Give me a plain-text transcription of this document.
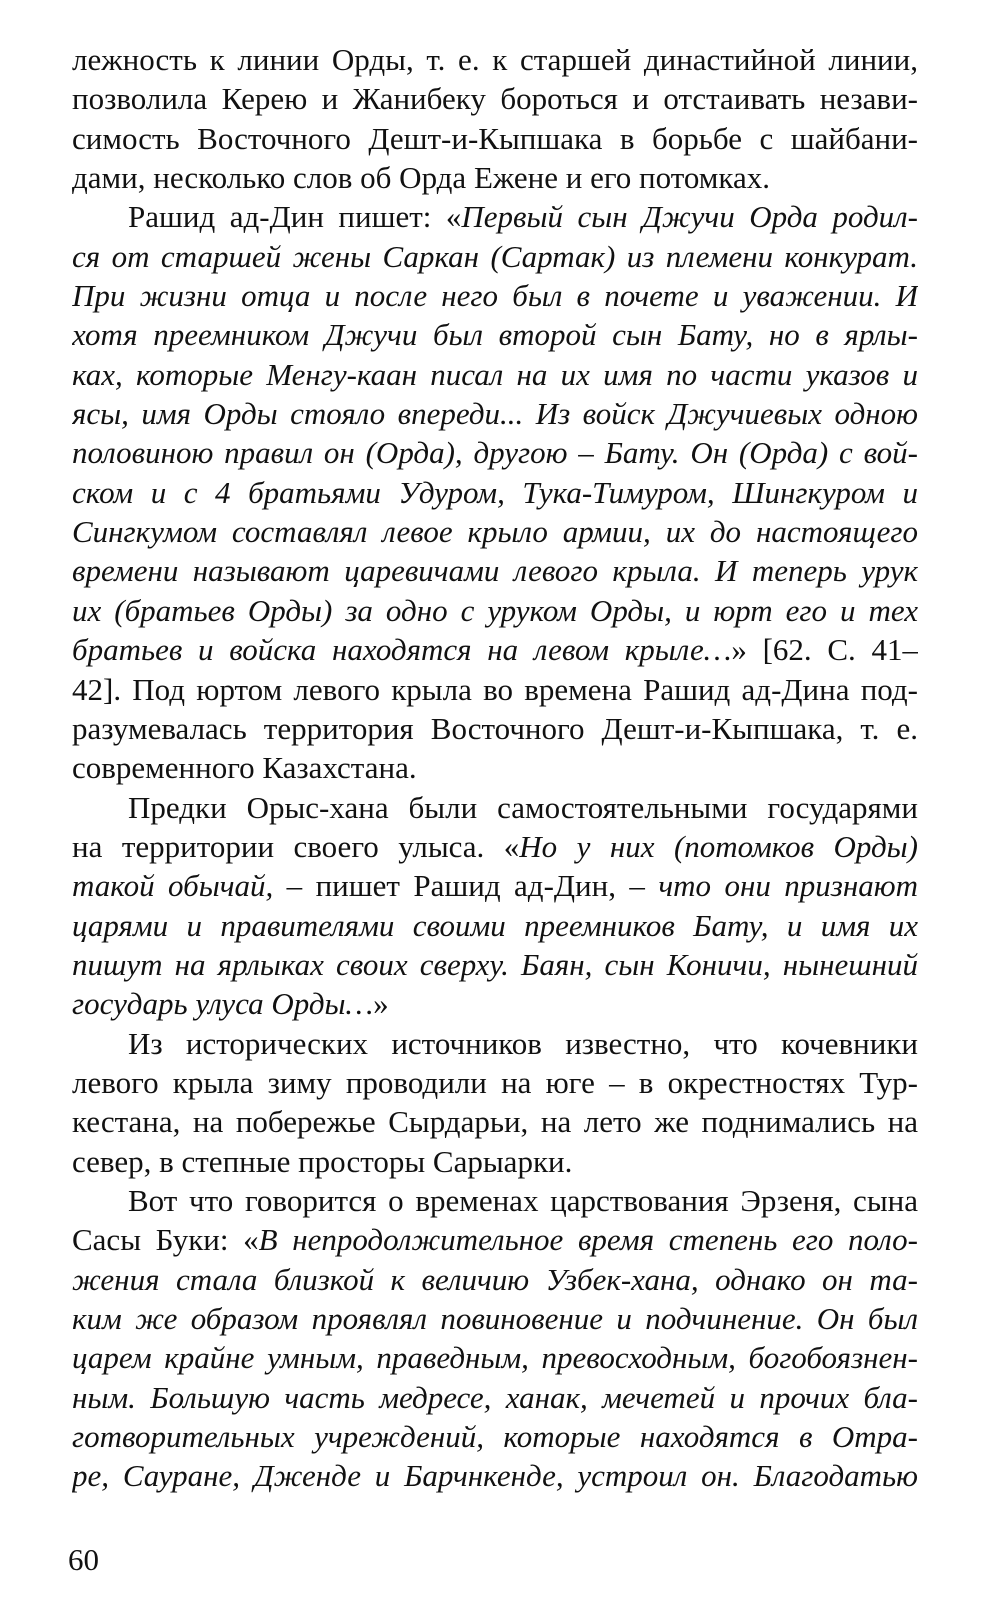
лежность к линии Орды, т. е. к старшей династийной линии,
позволила Керею и Жанибеку бороться и отстаивать незави-
симость Восточного Дешт-и-Кыпшака в борьбе с шайбани-
дами, несколько слов об Орда Ежене и его потомках.
Рашид ад-Дин пишет: «Первый сын Джучи Орда родил-
ся от старшей жены Саркан (Сартак) из племени конкурат.
При жизни отца и после него был в почете и уважении. И
хотя преемником Джучи был второй сын Бату, но в ярлы-
ках, которые Менгу-каан писал на их имя по части указов и
ясы, имя Орды стояло впереди... Из войск Джучиевых одною
половиною правил он (Орда), другою – Бату. Он (Орда) с вой-
ском и с 4 братьями Удуром, Тука-Тимуром, Шингкуром и
Сингкумом составлял левое крыло армии, их до настоящего
времени называют царевичами левого крыла. И теперь урук
их (братьев Орды) за одно с уруком Орды, и юрт его и тех
братьев и войска находятся на левом крыле…» [62. С. 41–
42]. Под юртом левого крыла во времена Рашид ад-Дина под-
разумевалась территория Восточного Дешт-и-Кыпшака, т. е.
современного Казахстана.
Предки Орыс-хана были самостоятельными государями
на территории своего улыса. «Но у них (потомков Орды)
такой обычай, – пишет Рашид ад-Дин, – что они признают
царями и правителями своими преемников Бату, и имя их
пишут на ярлыках своих сверху. Баян, сын Коничи, нынешний
государь улуса Орды…»
Из исторических источников известно, что кочевники
левого крыла зиму проводили на юге – в окрестностях Тур-
кестана, на побережье Сырдарьи, на лето же поднимались на
север, в степные просторы Сарыарки.
Вот что говорится о временах царствования Эрзеня, сына
Сасы Буки: «В непродолжительное время степень его поло-
жения стала близкой к величию Узбек-хана, однако он та-
ким же образом проявлял повиновение и подчинение. Он был
царем крайне умным, праведным, превосходным, богобоязнен-
ным. Большую часть медресе, ханак, мечетей и прочих бла-
готворительных учреждений, которые находятся в Отра-
ре, Сауране, Дженде и Барчнкенде, устроил он. Благодатью
60
